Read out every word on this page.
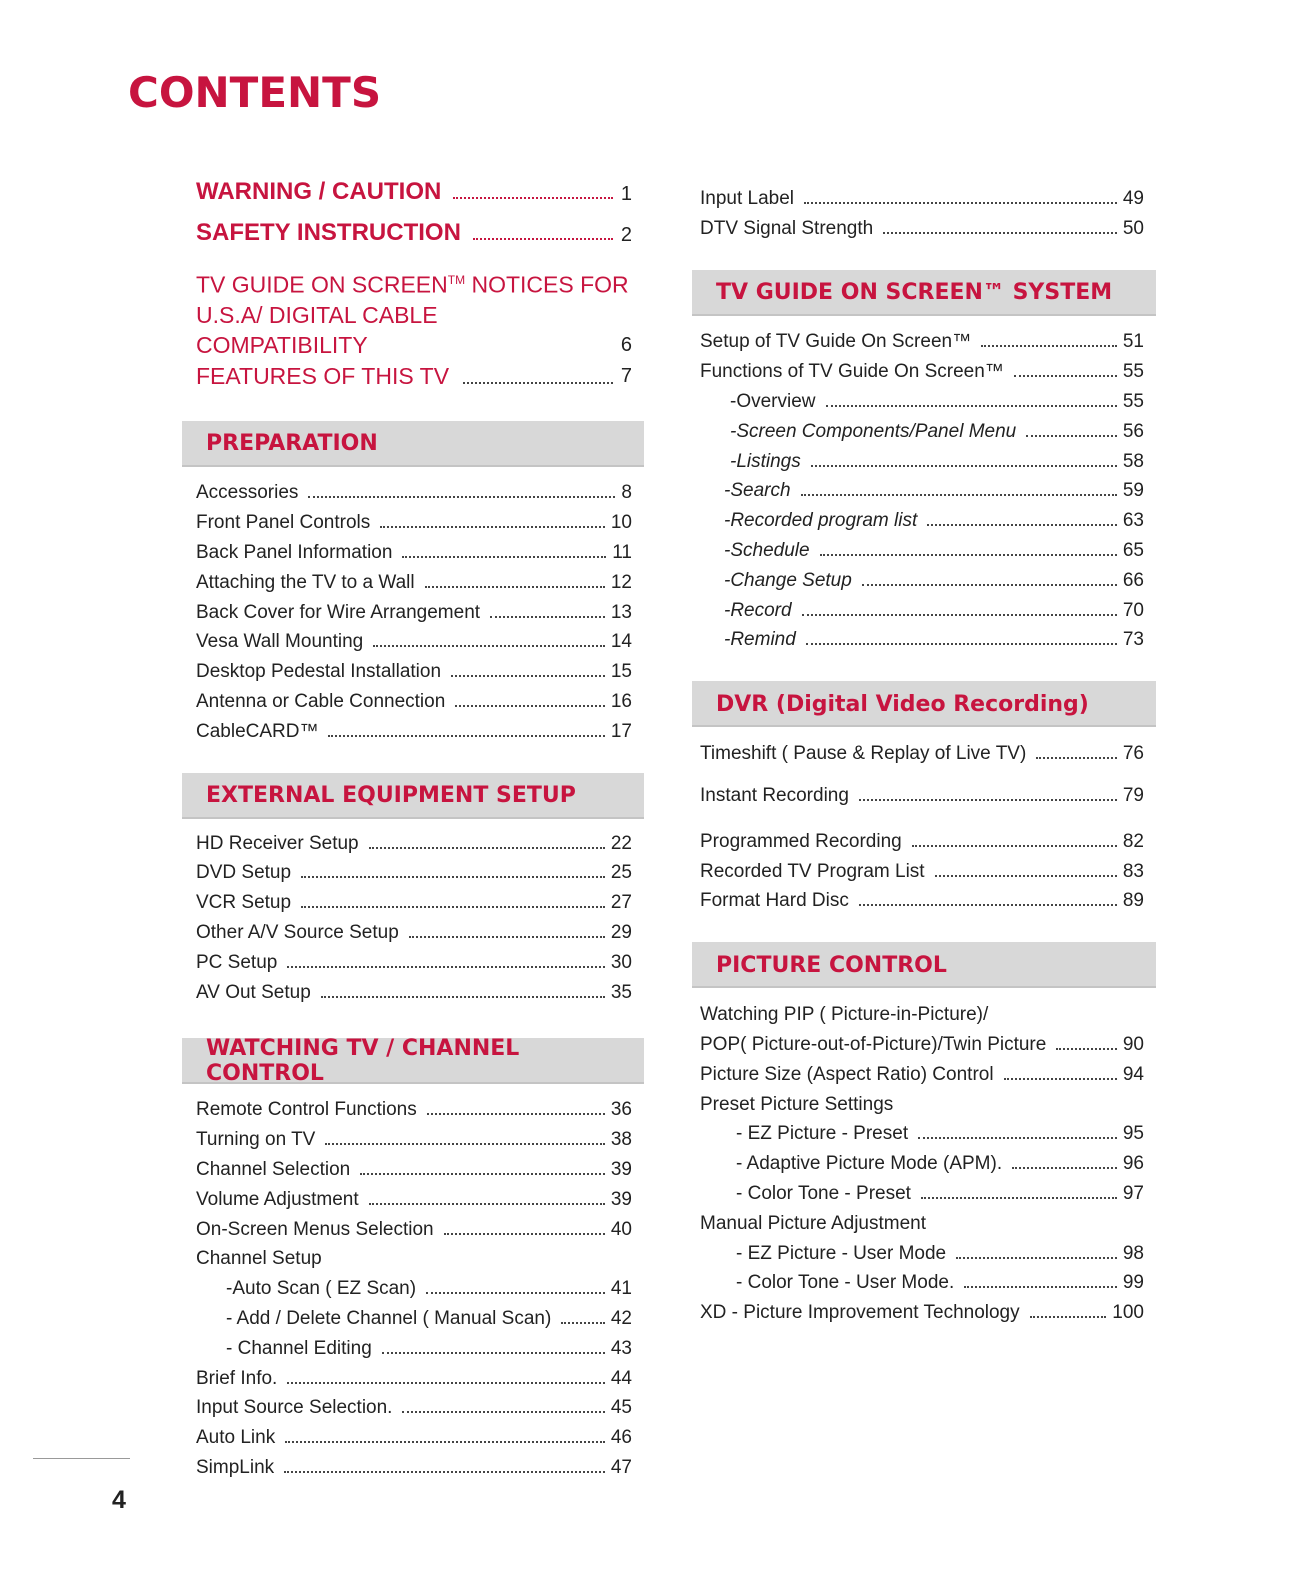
CONTENTS
WARNING / CAUTION	1
SAFETY INSTRUCTION	2
TV GUIDE ON SCREEN™ NOTICES FOR
U.S.A/ DIGITAL CABLE COMPATIBILITY	6
FEATURES OF THIS TV	7
PREPARATION
Accessories	8
Front Panel Controls	10
Back Panel Information	11
Attaching the TV to a Wall	12
Back Cover for Wire Arrangement	13
Vesa Wall Mounting	14
Desktop Pedestal Installation	15
Antenna or Cable Connection	16
CableCARD™	17
EXTERNAL EQUIPMENT SETUP
HD Receiver Setup	22
DVD Setup	25
VCR Setup	27
Other A/V Source Setup	29
PC Setup	30
AV Out Setup	35
WATCHING TV / CHANNEL CONTROL
Remote Control Functions	36
Turning on TV	38
Channel Selection	39
Volume Adjustment	39
On-Screen Menus Selection	40
Channel Setup
-Auto Scan ( EZ Scan)	41
- Add / Delete Channel ( Manual Scan)	42
- Channel Editing	43
Brief Info.	44
Input Source Selection.	45
Auto Link	46
SimpLink	47
Input Label	49
DTV Signal Strength	50
TV GUIDE ON SCREEN™ SYSTEM
Setup of TV Guide On Screen™	51
Functions of TV Guide On Screen™	55
-Overview	55
-Screen Components/Panel Menu	56
-Listings	58
-Search	59
-Recorded program list	63
-Schedule	65
-Change Setup	66
-Record	70
-Remind	73
DVR (Digital Video Recording)
Timeshift ( Pause & Replay of Live TV)	76
Instant Recording	79
Programmed Recording	82
Recorded TV Program List	83
Format Hard Disc	89
PICTURE CONTROL
Watching PIP ( Picture-in-Picture)/
POP( Picture-out-of-Picture)/Twin Picture	90
Picture Size (Aspect Ratio) Control	94
Preset Picture Settings
- EZ Picture - Preset	95
- Adaptive Picture Mode (APM).	96
- Color Tone - Preset	97
Manual Picture Adjustment
- EZ Picture - User Mode	98
- Color Tone - User Mode.	99
XD - Picture Improvement Technology	100
4
